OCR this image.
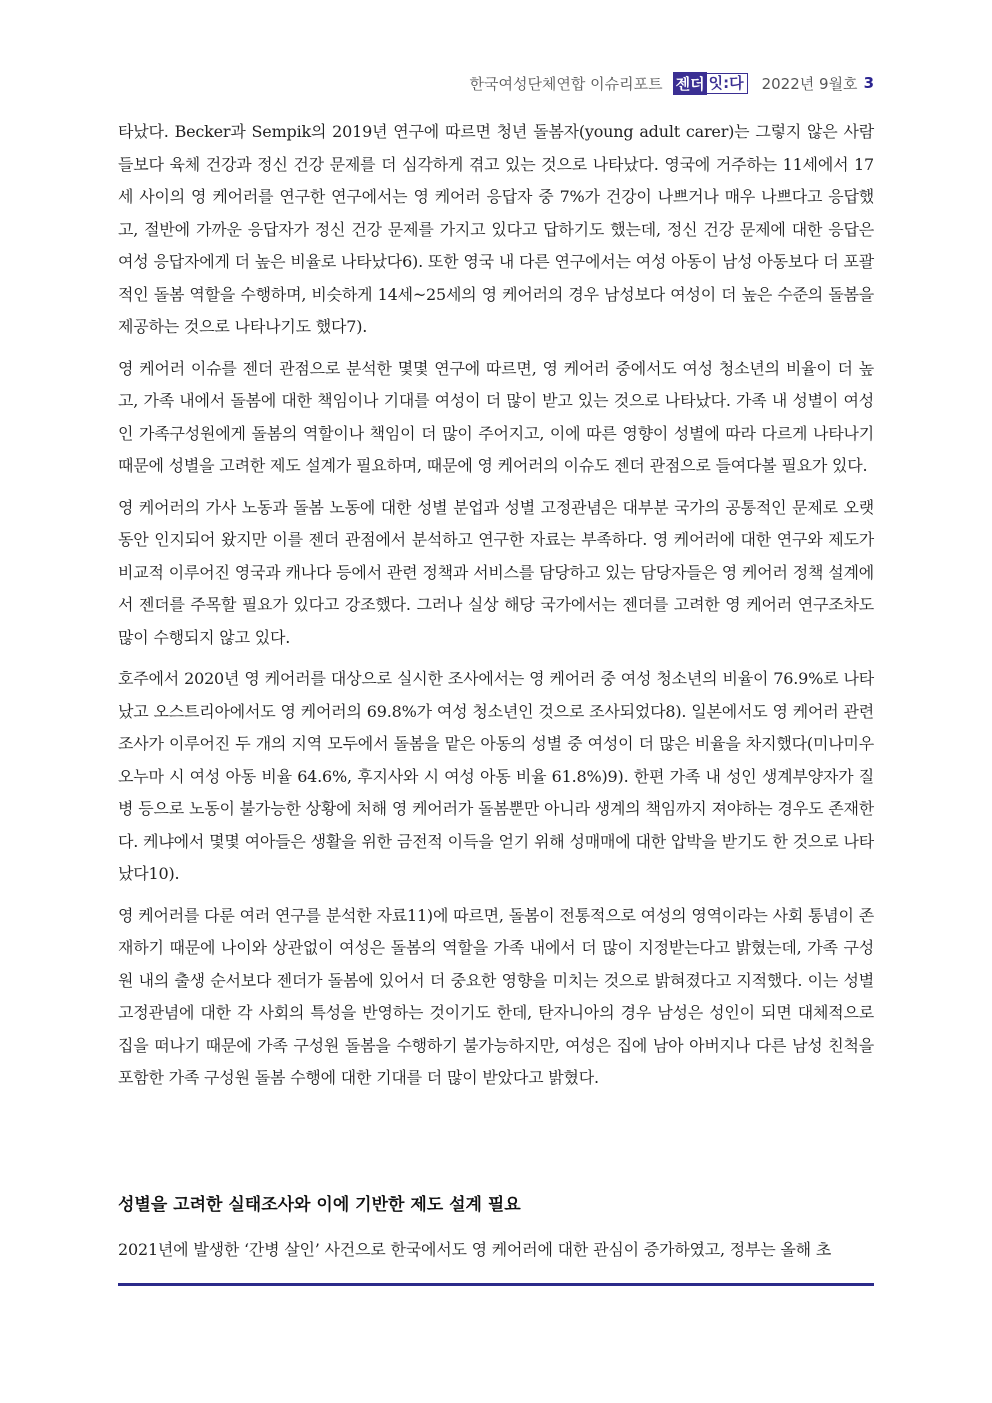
한국여성단체연합 이슈리포트 젠더 잇:다 2022년 9월호 3

타났다. Becker과 Sempik의 2019년 연구에 따르면 청년 돌봄자(young adult carer)는 그렇지 않은 사람들보다 육체 건강과 정신 건강 문제를 더 심각하게 겪고 있는 것으로 나타났다. 영국에 거주하는 11세에서 17세 사이의 영 케어러를 연구한 연구에서는 영 케어러 응답자 중 7%가 건강이 나쁘거나 매우 나쁘다고 응답했고, 절반에 가까운 응답자가 정신 건강 문제를 가지고 있다고 답하기도 했는데, 정신 건강 문제에 대한 응답은 여성 응답자에게 더 높은 비율로 나타났다6). 또한 영국 내 다른 연구에서는 여성 아동이 남성 아동보다 더 포괄적인 돌봄 역할을 수행하며, 비슷하게 14세~25세의 영 케어러의 경우 남성보다 여성이 더 높은 수준의 돌봄을 제공하는 것으로 나타나기도 했다7).

영 케어러 이슈를 젠더 관점으로 분석한 몇몇 연구에 따르면, 영 케어러 중에서도 여성 청소년의 비율이 더 높고, 가족 내에서 돌봄에 대한 책임이나 기대를 여성이 더 많이 받고 있는 것으로 나타났다. 가족 내 성별이 여성인 가족구성원에게 돌봄의 역할이나 책임이 더 많이 주어지고, 이에 따른 영향이 성별에 따라 다르게 나타나기 때문에 성별을 고려한 제도 설계가 필요하며, 때문에 영 케어러의 이슈도 젠더 관점으로 들여다볼 필요가 있다.

영 케어러의 가사 노동과 돌봄 노동에 대한 성별 분업과 성별 고정관념은 대부분 국가의 공통적인 문제로 오랫동안 인지되어 왔지만 이를 젠더 관점에서 분석하고 연구한 자료는 부족하다. 영 케어러에 대한 연구와 제도가 비교적 이루어진 영국과 캐나다 등에서 관련 정책과 서비스를 담당하고 있는 담당자들은 영 케어러 정책 설계에서 젠더를 주목할 필요가 있다고 강조했다. 그러나 실상 해당 국가에서는 젠더를 고려한 영 케어러 연구조차도 많이 수행되지 않고 있다.

호주에서 2020년 영 케어러를 대상으로 실시한 조사에서는 영 케어러 중 여성 청소년의 비율이 76.9%로 나타났고 오스트리아에서도 영 케어러의 69.8%가 여성 청소년인 것으로 조사되었다8). 일본에서도 영 케어러 관련 조사가 이루어진 두 개의 지역 모두에서 돌봄을 맡은 아동의 성별 중 여성이 더 많은 비율을 차지했다(미나미우오누마 시 여성 아동 비율 64.6%, 후지사와 시 여성 아동 비율 61.8%)9). 한편 가족 내 성인 생계부양자가 질병 등으로 노동이 불가능한 상황에 처해 영 케어러가 돌봄뿐만 아니라 생계의 책임까지 져야하는 경우도 존재한다. 케냐에서 몇몇 여아들은 생활을 위한 금전적 이득을 얻기 위해 성매매에 대한 압박을 받기도 한 것으로 나타났다10).

영 케어러를 다룬 여러 연구를 분석한 자료11)에 따르면, 돌봄이 전통적으로 여성의 영역이라는 사회 통념이 존재하기 때문에 나이와 상관없이 여성은 돌봄의 역할을 가족 내에서 더 많이 지정받는다고 밝혔는데, 가족 구성원 내의 출생 순서보다 젠더가 돌봄에 있어서 더 중요한 영향을 미치는 것으로 밝혀졌다고 지적했다. 이는 성별 고정관념에 대한 각 사회의 특성을 반영하는 것이기도 한데, 탄자니아의 경우 남성은 성인이 되면 대체적으로 집을 떠나기 때문에 가족 구성원 돌봄을 수행하기 불가능하지만, 여성은 집에 남아 아버지나 다른 남성 친척을 포함한 가족 구성원 돌봄 수행에 대한 기대를 더 많이 받았다고 밝혔다.

성별을 고려한 실태조사와 이에 기반한 제도 설계 필요

2021년에 발생한 ‘간병 살인’ 사건으로 한국에서도 영 케어러에 대한 관심이 증가하였고, 정부는 올해 초
